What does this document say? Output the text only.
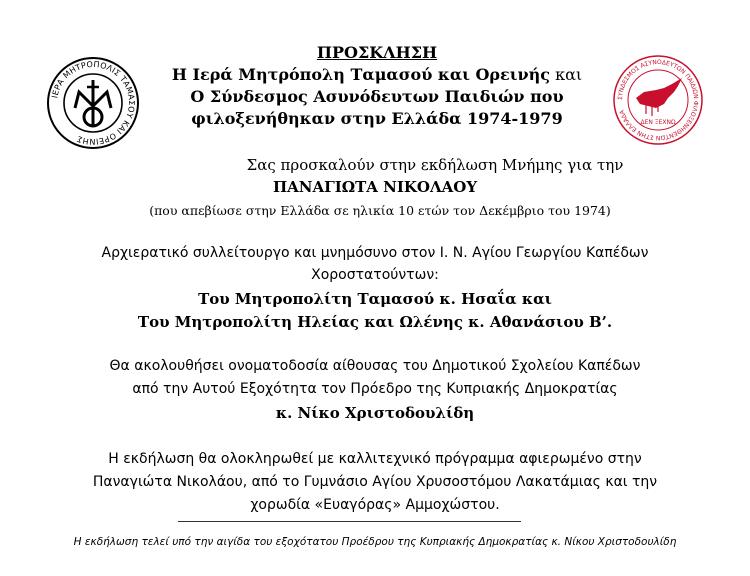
ΙΕΡΑ ΜΗΤΡΟΠΟΛΙΣ ΤΑΜΑΣΟΥ ΚΑΙ ΟΡΕΙΝΗΣ
ΠΡΟΣΚΛΗΣΗ
Η Ιερά Μητρόπολη Ταμασού και Ορεινής και
Ο Σύνδεσμος Ασυνόδευτων Παιδιών που
φιλοξενήθηκαν στην Ελλάδα 1974-1979
ΣΥΝΔΕΣΜΟΣ ΑΣΥΝΟΔΕΥΤΩΝ ΠΑΙΔΙΩΝ ΦΙΛΟΞΕΝΗΘΕΝΤΩΝ ΣΤΗΝ ΕΛΛΑΔΑ
ΔΕΝ ΞΕΧΝΩ
Σας προσκαλούν στην εκδήλωση Μνήμης για την
ΠΑΝΑΓΙΩΤΑ ΝΙΚΟΛΑΟΥ
(που απεβίωσε στην Ελλάδα σε ηλικία 10 ετών τον Δεκέμβριο του 1974)
Αρχιερατικό συλλείτουργο και μνημόσυνο στον Ι. Ν. Αγίου Γεωργίου Καπέδων
Χοροστατούντων:
Του Μητροπολίτη Ταμασού κ. Ησαΐα και
Του Μητροπολίτη Ηλείας και Ωλένης κ. Αθανάσιου Β’.
Θα ακολουθήσει ονοματοδοσία αίθουσας του Δημοτικού Σχολείου Καπέδων
από την Αυτού Εξοχότητα τον Πρόεδρο της Κυπριακής Δημοκρατίας
κ. Νίκο Χριστοδουλίδη
Η εκδήλωση θα ολοκληρωθεί με καλλιτεχνικό πρόγραμμα αφιερωμένο στην
Παναγιώτα Νικολάου, από το Γυμνάσιο Αγίου Χρυσοστόμου Λακατάμιας και την
χορωδία «Ευαγόρας» Αμμοχώστου.
Η εκδήλωση τελεί υπό την αιγίδα του εξοχότατου Προέδρου της Κυπριακής Δημοκρατίας κ. Νίκου Χριστοδουλίδη
